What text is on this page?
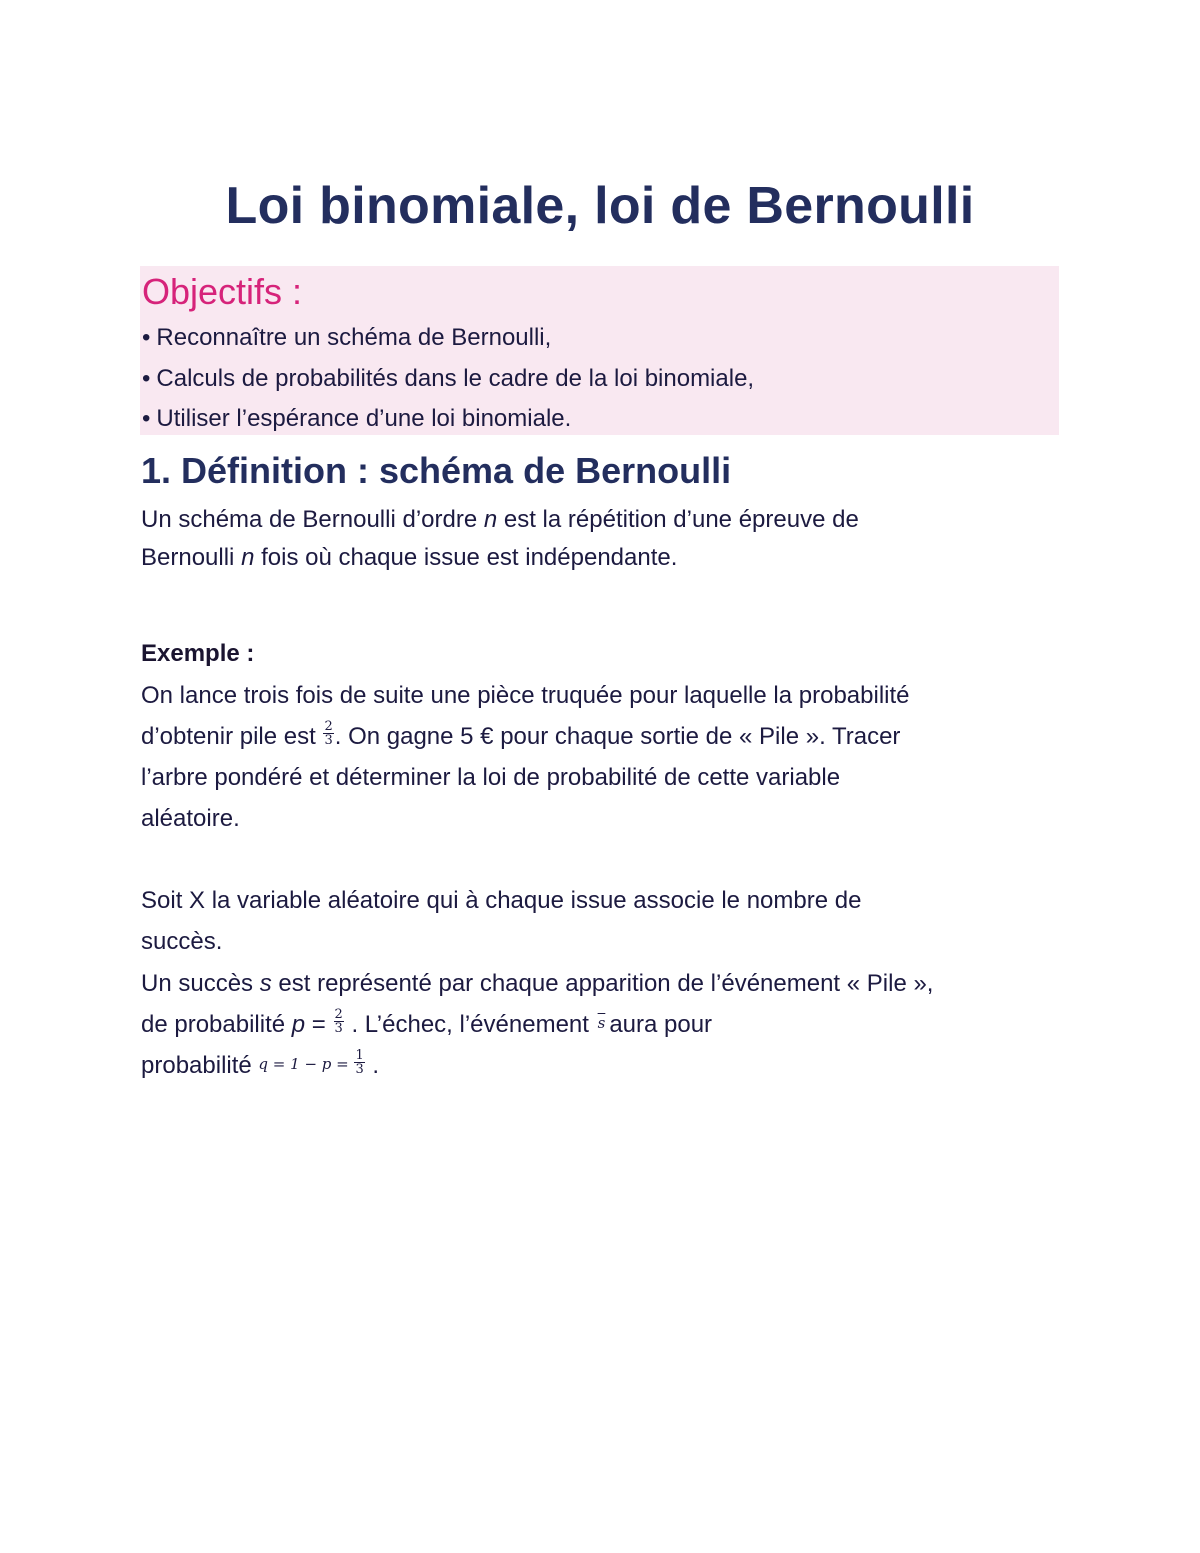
Loi binomiale, loi de Bernoulli
Objectifs :
• Reconnaître un schéma de Bernoulli,
• Calculs de probabilités dans le cadre de la loi binomiale,
• Utiliser l’espérance d’une loi binomiale.
1. Définition : schéma de Bernoulli
Un schéma de Bernoulli d’ordre n est la répétition d’une épreuve de
Bernoulli n fois où chaque issue est indépendante.
Exemple :
On lance trois fois de suite une pièce truquée pour laquelle la probabilité
d’obtenir pile est $\frac{2}{3}$ . On gagne 5 € pour chaque sortie de « Pile ». Tracer
l’arbre pondéré et déterminer la loi de probabilité de cette variable
aléatoire.
Soit X la variable aléatoire qui à chaque issue associe le nombre de
succès.
Un succès s est représenté par chaque apparition de l’événement « Pile »,
de probabilité $p = \frac{2}{3}$ . L’échec, l’événement $\overline{s}$ aura pour
probabilité $q = 1 - p = \frac{1}{3}$ .
